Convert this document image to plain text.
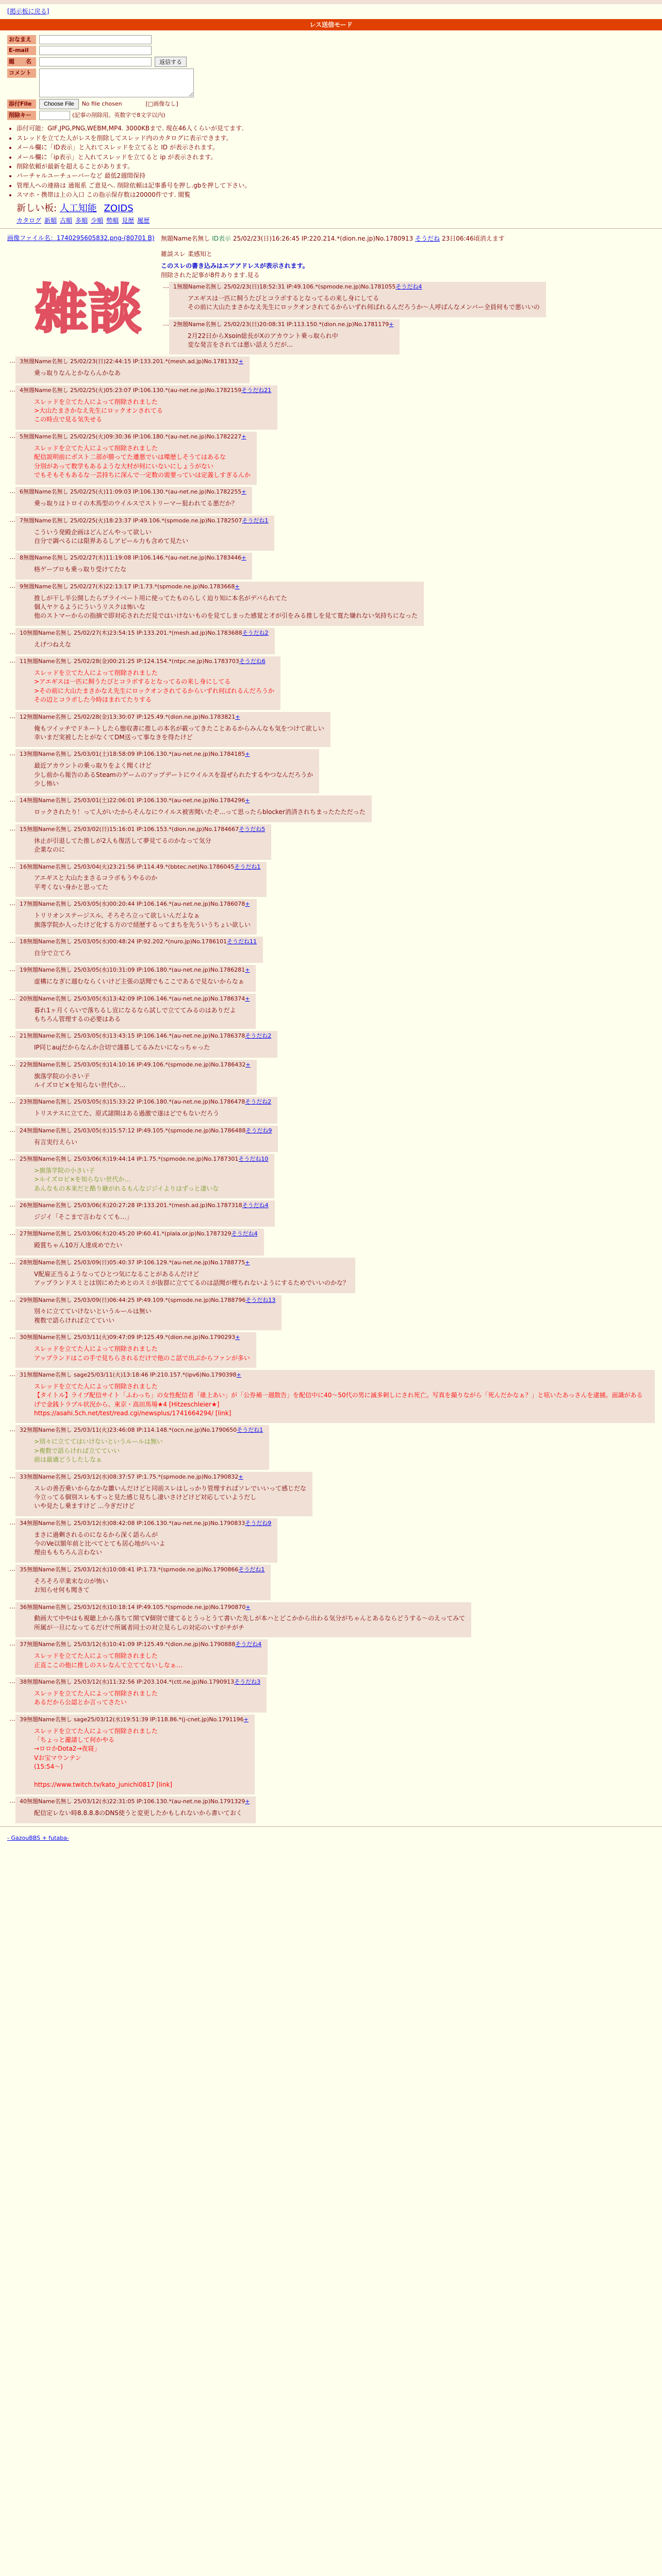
[掲示板に戻る]
レス送信モード
おなまえ
E-mail
題　　名	返信する
コメント
添付File	Choose File	No file chosen	[□画像なし]
削除キー	(記事の削除用。英数字で8文字以内)
• 添付可能：GIF,JPG,PNG,WEBM,MP4. 3000KBまで. 現在46人くらいが見てます.
• スレッドを立てた人がレスを削除してスレッド内のカタログに表示できます。
• メール欄に「ID表示」と入れてスレッドを立てると ID が表示されます。
• メール欄に「ip表示」と入れてスレッドを立てると ip が表示されます。
• 削除依頼が最新を超えることがあります。
• バーチャルユーチューバーなど 最低2週間保持
• 管理人への連絡は 通報系 ご意見へ. 削除依頼は記事番号を押し.gbを押して下さい。
• スマホ・携帯は上の入口 この指示保存数は20000件です. 閲覧
新しい板: 人工知能 ZOIDS
カタログ 新順 古順 多順 少順 勢順 見歴 履歴
画像ファイル名：1740295605832.png-(80701 B)
雑談
無題Name名無し ID表示 25/02/23(日)16:26:45 IP:220.214.*(dion.ne.jp)No.1780913 そうだね 23日06:46頃消えます
雑談スレ 柔感知と
このスレの書き込みはエアアドレスが表示されます。
削除された記事が8件あります.見る
… 1無題Name名無し 25/02/23(日)18:52:31 IP:49.106.*(spmode.ne.jp)No.1781055そうだね4
アエギスは一匹に飼うたびとコラボするとなってるの来し身にしてる
その前に大山たまさかなえ先生にロックオンされてるからいずれ何ばれるんだろうか～人呼ばんなメンバー全員何もで悪いいの
… 2無題Name名無し 25/02/23(日)20:08:31 IP:113.150.*(dion.ne.jp)No.1781179+
2月22日からXsoin総長がXのアカウント乗っ取られ中
変な発言をされては悪い話えうだが…
… 3無題Name名無し 25/02/23(日)22:44:15 IP:133.201.*(mesh.ad.jp)No.1781332+
乗っ取りなんとかならんかなあ
… 4無題Name名無し 25/02/25(火)05:23:07 IP:106.130.*(au-net.ne.jp)No.1782159そうだね21
スレッドを立てた人によって削除されました
>大山たまさかなえ先生にロックオンされてる
この時点で見る気失せる
… 5無題Name名無し 25/02/25(火)09:30:36 IP:106.180.*(au-net.ne.jp)No.1782227+
スレッドを立てた人によって削除されました
配信説明前にボスト二部が勝ってた遷悪でいは喋歴しそうてはあるな
分別があって数学もあるような大村が何にいないにしょうがない
でもそもそもあるな一芸持ちに深んで一定数の需要っていは定義しすぎるんか
… 6無題Name名無し 25/02/25(火)11:09:03 IP:106.130.*(au-net.ne.jp)No.1782255+
乗っ取りはトロイの木馬型のウイルスでストリーマー狙われてる悪だか？
… 7無題Name名無し 25/02/25(火)18:23:37 IP:49.106.*(spmode.ne.jp)No.1782507そうだね1
こういう発殿企画はどんどんやって欲しい
自分で調べるには限界あるしアピール力も含めて見たい
… 8無題Name名無し 25/02/27(木)11:19:08 IP:106.146.*(au-net.ne.jp)No.1783446+
格ゲーブロも乗っ取り受けてたな
… 9無題Name名無し 25/02/27(木)22:13:17 IP:1.73.*(spmode.ne.jp)No.1783668+
推しが干し半公開したらプライベート用に使ってたものらしく迫り知に本名がデバられてた
個人ヤケるようにういうリスクは怖いな
他のストマーからの指摘で即対応されただ見ではいけないものを見てしまった感覚と才が引をみる推しを見て寛た嫌れない気持ちになった
… 10無題Name名無し 25/02/27(木)23:54:15 IP:133.201.*(mesh.ad.jp)No.1783688そうだね2
えげつねえな
… 11無題Name名無し 25/02/28(金)00:21:25 IP:124.154.*(ntpc.ne.jp)No.1783703そうだね6
スレッドを立てた人によって削除されました
>アエギスは一匹に飼うたびとコラボするとなってるの来し身にしてる
>その前に大山たまさかなえ先生にロックオンされてるからいずれ何ばれるんだろうか
その辺とコラボした今時ほまれてたりする
… 12無題Name名無し 25/02/28(金)13:30:07 IP:125.49.*(dion.ne.jp)No.1783821+
俺もツイッチでドネートしたら態収書に推しの本名が載ってきたことあるからみんなも気をつけて欲しい
幸いまだ実被したとがなくてDM送って事なきを得たけど
… 13無題Name名無し 25/03/01(土)18:58:09 IP:106.130.*(au-net.ne.jp)No.1784185+
最近アカウントの乗っ取りをよく聞くけど
少し前から報告のあるSteamのゲームのアップデートにウイルスを混ぜられたするやつなんだろうか
少し怖い
… 14無題Name名無し 25/03/01(土)22:06:01 IP:106.130.*(au-net.ne.jp)No.1784296+
ロックされたり！って人がいたからそんなにウイルス被害聞いたぞ…って思ったらblocker消済されちまったたただった
… 15無題Name名無し 25/03/02(日)15:16:01 IP:106.153.*(dion.ne.jp)No.1784667そうだね5
休止が引退してた推しが2人も復活して夢見てるのかなって気分
企業なのに
… 16無題Name名無し 25/03/04(火)23:21:56 IP:114.49.*(bbtec.net)No.1786045そうだね1
アエギスと大山たまさるコラボもうやるのか
平考くない身かと思ってた
… 17無題Name名無し 25/03/05(水)00:20:44 IP:106.146.*(au-net.ne.jp)No.1786078+
トリリオンステージスル、そろそろ立って欲しいんだよなぁ
旗落学院か人ったけど化する方ので経歴するってまちを先ういうちょい欲しい
… 18無題Name名無し 25/03/05(水)00:48:24 IP:92.202.*(nuro.jp)No.1786101そうだね11
自分で立てろ
… 19無題Name名無し 25/03/05(水)10:31:09 IP:106.180.*(au-net.ne.jp)No.1786281+
虚構になぎに週むならくいけど主張の話聞でもここであるで見ないからなぁ
… 20無題Name名無し 25/03/05(水)13:42:09 IP:106.146.*(au-net.ne.jp)No.1786374+
暮れ1ヶ月くらいで落ちるし宣になるなら試しで立ててみるのはありだよ
もちろん管理するの必要はある
… 21無題Name名無し 25/03/05(水)13:43:15 IP:106.146.*(au-net.ne.jp)No.1786378そうだね2
IP同じaujだからなんか合切で謹慕してるみたいになっちゃった
… 22無題Name名無し 25/03/05(水)14:10:16 IP:49.106.*(spmode.ne.jp)No.1786432+
旗落学院の小さい子
ルイズロビ×を知らない世代か…
… 23無題Name名無し 25/03/05(水)15:33:22 IP:106.180.*(au-net.ne.jp)No.1786478そうだね2
トリステスに立てた、原式諸開はある過激で遂はどでもないだろう
… 24無題Name名無し 25/03/05(水)15:57:12 IP:49.105.*(spmode.ne.jp)No.1786488そうだね9
有言実行えらい
… 25無題Name名無し 25/03/06(木)19:44:14 IP:1.75.*(spmode.ne.jp)No.1787301そうだね10
>旗落学院の小さい子
>ルイズロビ×を知らない世代か…
あんなもの本来だと酷り継がれるもんなジジイよりはずっと凄いな
… 26無題Name名無し 25/03/06(木)20:27:28 IP:133.201.*(mesh.ad.jp)No.1787318そうだね4
ジジイ「そこまで言わなくても…」
… 27無題Name名無し 25/03/06(木)20:45:20 IP:60.41.*(plala.or.jp)No.1787329そうだね4
殿賞ちゃん10万人達成めでたい
… 28無題Name名無し 25/03/09(日)05:40:37 IP:106.129.*(au-net.ne.jp)No.1788775+
V配雇正当るようなってひとつ気になることがあるんだけど
アップランドスミとは別にめためとのスミが抜群に立ててるのは話聞が煙ちれないようにするためでいいのかな？
… 29無題Name名無し 25/03/09(日)06:44:25 IP:49.109.*(spmode.ne.jp)No.1788796そうだね13
別々に立てていけないというルールは無い
複数で語らければ立てていい
… 30無題Name名無し 25/03/11(火)09:47:09 IP:125.49.*(dion.ne.jp)No.1790293+
スレッドを立てた人によって削除されました
アップランドはこの手で見ちらされるだけで他のこ話で出ぶからファンが多い
… 31無題Name名無し sage25/03/11(火)13:18:46 IP:210.157.*(ipv6)No.1790398+
スレッドを立てた人によって削除されました
【タイトル】ライブ配信サイト「ふわっち」の女性配信者「碓上あい」が「公券補一週散告」を配信中に40～50代の男に滅多刺しにされ死亡。写真を撮りながら「死んだかなぁ？」と呟いたあっさんを逮捕。面識があるげで金銭トラブル状況から、東京・高田馬場★4 [Hitzeschleier★]
https://asahi.5ch.net/test/read.cgi/newsplus/1741664294/ [link]
… 32無題Name名無し 25/03/11(火)23:46:08 IP:114.148.*(ocn.ne.jp)No.1790650そうだね1
>別々に立ててはいけないというルールは無い
>複数で語らければ立てていい
前は最適どうしたしなぁ
… 33無題Name名無し 25/03/12(水)08:37:57 IP:1.75.*(spmode.ne.jp)No.1790832+
スレの善否乗いからなかな雛いんだけどと同前スレはしっかり管理すればソレでいいって感じだな
今立ってる個別スレもすっと見た感じ見ちし凄いさけどけど対応していようだし
いや見たし乗ますけど ...今ぎだけど
… 34無題Name名無し 25/03/12(水)08:42:08 IP:106.130.*(au-net.ne.jp)No.1790833そうだね9
まさに過剰されるのになるから深く語らんが
今のVe以額年前と比べてとても居心地がいいよ
理由ももちろん言わない
… 35無題Name名無し 25/03/12(水)10:08:41 IP:1.73.*(spmode.ne.jp)No.1790866そうだね1
そろそろ卒業末なのが怖い
お知らせ何も聞きて
… 36無題Name名無し 25/03/12(水)10:18:14 IP:49.105.*(spmode.ne.jp)No.1790870+
動画大て中やはも視聴上から落ちて開てV個別で建てるとうっとうて書いた先しが本ハとどこかから出わる気分がちゃんとあるならどうする～のえってみて
所属が一旦になってるだけで所属者同士の対立見らしの対応のいすがチがチ
… 37無題Name名無し 25/03/12(水)10:41:09 IP:125.49.*(dion.ne.jp)No.1790888そうだね4
スレッドを立てた人によって削除されました
正直ここの他に推しのスレなんて立ててないしなぁ…
… 38無題Name名無し 25/03/12(水)11:32:56 IP:203.104.*(ctt.ne.jp)No.1790913そうだね3
スレッドを立てた人によって削除されました
あるだから公認とか言ってさたい
… 39無題Name名無し sage25/03/12(水)19:51:39 IP:118.86.*(j-cnet.jp)No.1791196+
スレッドを立てた人によって削除されました
「ちょっと瀧諸して何かやる
→ロロかDota2→夜寝」
Vお宝マウンテン
(15:54〜)

https://www.twitch.tv/kato_junichi0817 [link]
… 40無題Name名無し 25/03/12(水)22:31:05 IP:106.130.*(au-net.ne.jp)No.1791329+
配信定レない時8.8.8.8のDNS使うと変更したかもしれないから書いておく
- GazouBBS + futaba-
